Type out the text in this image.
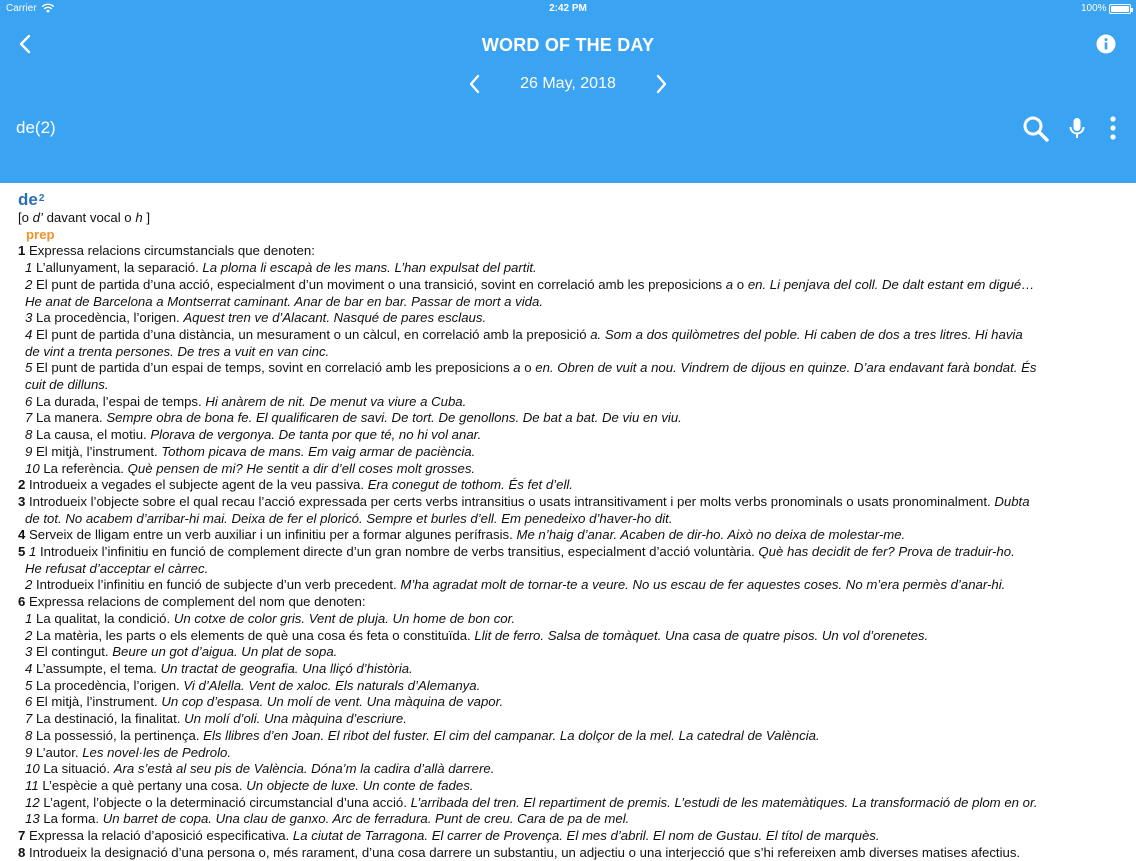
Carrier	2:42 PM	100%
WORD OF THE DAY
26 May, 2018
de(2)
$de^2$
[o d’ davant vocal o h ]
prep
1 Expressa relacions circumstancials que denoten:
1 L’allunyament, la separació. La ploma li escapà de les mans. L’han expulsat del partit.
2 El punt de partida d’una acció, especialment d’un moviment o una transició, sovint en correlació amb les preposicions a o en. Li penjava del coll. De dalt estant em digué…
He anat de Barcelona a Montserrat caminant. Anar de bar en bar. Passar de mort a vida.
3 La procedència, l’origen. Aquest tren ve d’Alacant. Nasqué de pares esclaus.
4 El punt de partida d’una distància, un mesurament o un càlcul, en correlació amb la preposició a. Som a dos quilòmetres del poble. Hi caben de dos a tres litres. Hi havia
de vint a trenta persones. De tres a vuit en van cinc.
5 El punt de partida d’un espai de temps, sovint en correlació amb les preposicions a o en. Obren de vuit a nou. Vindrem de dijous en quinze. D’ara endavant farà bondat. És
cuit de dilluns.
6 La durada, l’espai de temps. Hi anàrem de nit. De menut va viure a Cuba.
7 La manera. Sempre obra de bona fe. El qualificaren de savi. De tort. De genollons. De bat a bat. De viu en viu.
8 La causa, el motiu. Plorava de vergonya. De tanta por que té, no hi vol anar.
9 El mitjà, l’instrument. Tothom picava de mans. Em vaig armar de paciència.
10 La referència. Què pensen de mi? He sentit a dir d’ell coses molt grosses.
2 Introdueix a vegades el subjecte agent de la veu passiva. Era conegut de tothom. És fet d’ell.
3 Introdueix l’objecte sobre el qual recau l’acció expressada per certs verbs intransitius o usats intransitivament i per molts verbs pronominals o usats pronominalment. Dubta
de tot. No acabem d’arribar-hi mai. Deixa de fer el ploricó. Sempre et burles d’ell. Em penedeixo d’haver-ho dit.
4 Serveix de lligam entre un verb auxiliar i un infinitiu per a formar algunes perífrasis. Me n’haig d’anar. Acaben de dir-ho. Això no deixa de molestar-me.
5 1 Introdueix l’infinitiu en funció de complement directe d’un gran nombre de verbs transitius, especialment d’acció voluntària. Què has decidit de fer? Prova de traduir-ho.
He refusat d’acceptar el càrrec.
2 Introdueix l’infinitiu en funció de subjecte d’un verb precedent. M’ha agradat molt de tornar-te a veure. No us escau de fer aquestes coses. No m’era permès d’anar-hi.
6 Expressa relacions de complement del nom que denoten:
1 La qualitat, la condició. Un cotxe de color gris. Vent de pluja. Un home de bon cor.
2 La matèria, les parts o els elements de què una cosa és feta o constituïda. Llit de ferro. Salsa de tomàquet. Una casa de quatre pisos. Un vol d’orenetes.
3 El contingut. Beure un got d’aigua. Un plat de sopa.
4 L’assumpte, el tema. Un tractat de geografia. Una lliçó d’història.
5 La procedència, l’origen. Vi d’Alella. Vent de xaloc. Els naturals d’Alemanya.
6 El mitjà, l’instrument. Un cop d’espasa. Un molí de vent. Una màquina de vapor.
7 La destinació, la finalitat. Un molí d’oli. Una màquina d’escriure.
8 La possessió, la pertinença. Els llibres d’en Joan. El ribot del fuster. El cim del campanar. La dolçor de la mel. La catedral de València.
9 L’autor. Les novel·les de Pedrolo.
10 La situació. Ara s’està al seu pis de València. Dóna’m la cadira d’allà darrere.
11 L’espècie a què pertany una cosa. Un objecte de luxe. Un conte de fades.
12 L’agent, l’objecte o la determinació circumstancial d’una acció. L’arribada del tren. El repartiment de premis. L’estudi de les matemàtiques. La transformació de plom en or.
13 La forma. Un barret de copa. Una clau de ganxo. Arc de ferradura. Punt de creu. Cara de pa de mel.
7 Expressa la relació d’aposició especificativa. La ciutat de Tarragona. El carrer de Provença. El mes d’abril. El nom de Gustau. El títol de marquès.
8 Introdueix la designació d’una persona o, més rarament, d’una cosa darrere un substantiu, un adjectiu o una interjecció que s’hi refereixen amb diverses matises afectius.
